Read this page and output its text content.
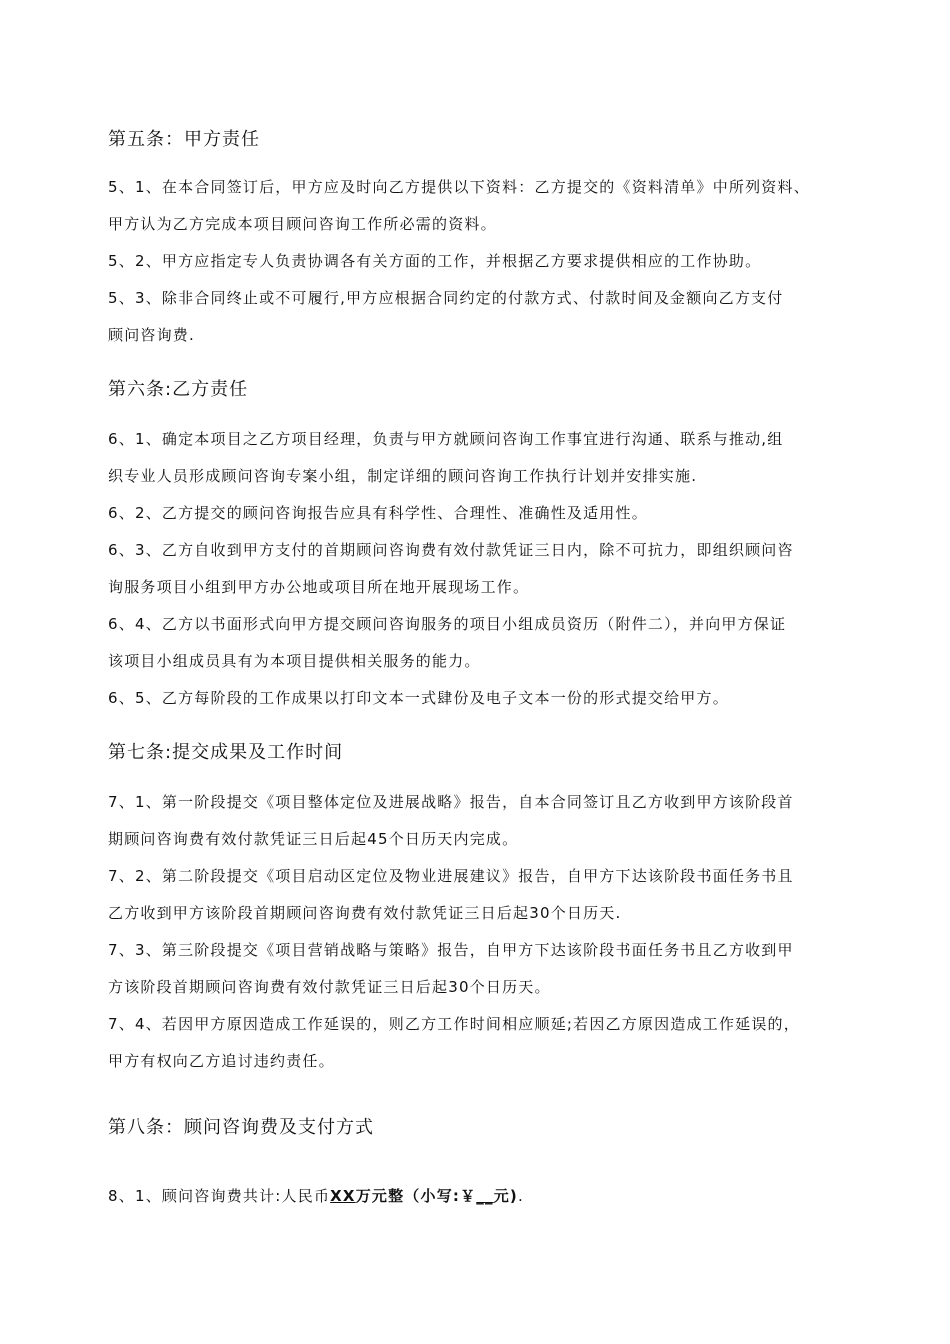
第五条：甲方责任
5、1、在本合同签订后，甲方应及时向乙方提供以下资料：乙方提交的《资料清单》中所列资料、
甲方认为乙方完成本项目顾问咨询工作所必需的资料。
5、2、甲方应指定专人负责协调各有关方面的工作，并根据乙方要求提供相应的工作协助。
5、3、除非合同终止或不可履行,甲方应根据合同约定的付款方式、付款时间及金额向乙方支付
顾问咨询费.
第六条:乙方责任
6、1、确定本项目之乙方项目经理，负责与甲方就顾问咨询工作事宜进行沟通、联系与推动,组
织专业人员形成顾问咨询专案小组，制定详细的顾问咨询工作执行计划并安排实施.
6、2、乙方提交的顾问咨询报告应具有科学性、合理性、准确性及适用性。
6、3、乙方自收到甲方支付的首期顾问咨询费有效付款凭证三日内，除不可抗力，即组织顾问咨
询服务项目小组到甲方办公地或项目所在地开展现场工作。
6、4、乙方以书面形式向甲方提交顾问咨询服务的项目小组成员资历（附件二），并向甲方保证
该项目小组成员具有为本项目提供相关服务的能力。
6、5、乙方每阶段的工作成果以打印文本一式肆份及电子文本一份的形式提交给甲方。
第七条:提交成果及工作时间
7、1、第一阶段提交《项目整体定位及进展战略》报告，自本合同签订且乙方收到甲方该阶段首
期顾问咨询费有效付款凭证三日后起45个日历天内完成。
7、2、第二阶段提交《项目启动区定位及物业进展建议》报告，自甲方下达该阶段书面任务书且
乙方收到甲方该阶段首期顾问咨询费有效付款凭证三日后起30个日历天.
7、3、第三阶段提交《项目营销战略与策略》报告，自甲方下达该阶段书面任务书且乙方收到甲
方该阶段首期顾问咨询费有效付款凭证三日后起30个日历天。
7、4、若因甲方原因造成工作延误的，则乙方工作时间相应顺延;若因乙方原因造成工作延误的，
甲方有权向乙方追讨违约责任。
第八条：顾问咨询费及支付方式
8、1、顾问咨询费共计:人民币XX万元整（小写:￥__元).
